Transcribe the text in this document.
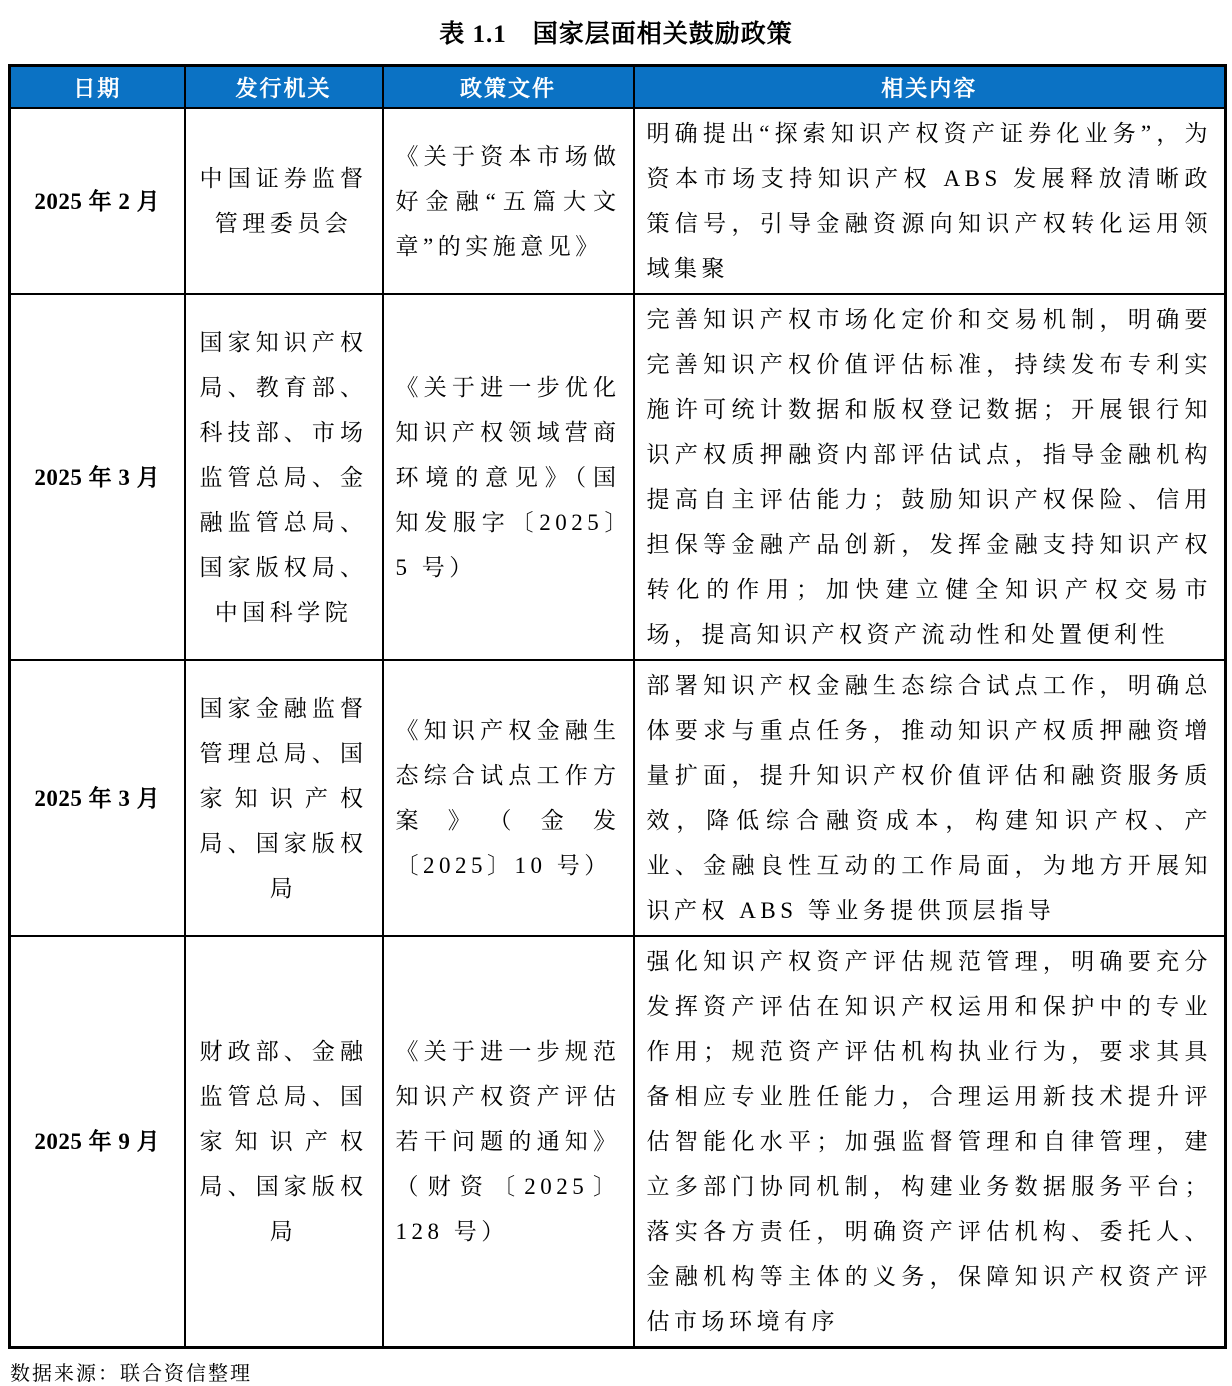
表 1.1　国家层面相关鼓励政策
日期	发行机关	政策文件	相关内容
2025 年 2 月	中国证券监督管理委员会	《关于资本市场做好金融“五篇大文章”的实施意见》	明确提出“探索知识产权资产证券化业务”，为资本市场支持知识产权 ABS 发展释放清晰政策信号，引导金融资源向知识产权转化运用领域集聚
2025 年 3 月	国家知识产权局、教育部、科技部、市场监管总局、金融监管总局、国家版权局、中国科学院	《关于进一步优化知识产权领域营商环境的意见》（国知发服字〔2025〕5 号）	完善知识产权市场化定价和交易机制，明确要完善知识产权价值评估标准，持续发布专利实施许可统计数据和版权登记数据；开展银行知识产权质押融资内部评估试点，指导金融机构提高自主评估能力；鼓励知识产权保险、信用担保等金融产品创新，发挥金融支持知识产权转化的作用；加快建立健全知识产权交易市场，提高知识产权资产流动性和处置便利性
2025 年 3 月	国家金融监督管理总局、国家知识产权局、国家版权局	《知识产权金融生态综合试点工作方案》（金发〔2025〕10 号）	部署知识产权金融生态综合试点工作，明确总体要求与重点任务，推动知识产权质押融资增量扩面，提升知识产权价值评估和融资服务质效，降低综合融资成本，构建知识产权、产业、金融良性互动的工作局面，为地方开展知识产权 ABS 等业务提供顶层指导
2025 年 9 月	财政部、金融监管总局、国家知识产权局、国家版权局	《关于进一步规范知识产权资产评估若干问题的通知》（财资〔2025〕128 号）	强化知识产权资产评估规范管理，明确要充分发挥资产评估在知识产权运用和保护中的专业作用；规范资产评估机构执业行为，要求其具备相应专业胜任能力，合理运用新技术提升评估智能化水平；加强监督管理和自律管理，建立多部门协同机制，构建业务数据服务平台；落实各方责任，明确资产评估机构、委托人、金融机构等主体的义务，保障知识产权资产评估市场环境有序
数据来源：联合资信整理
